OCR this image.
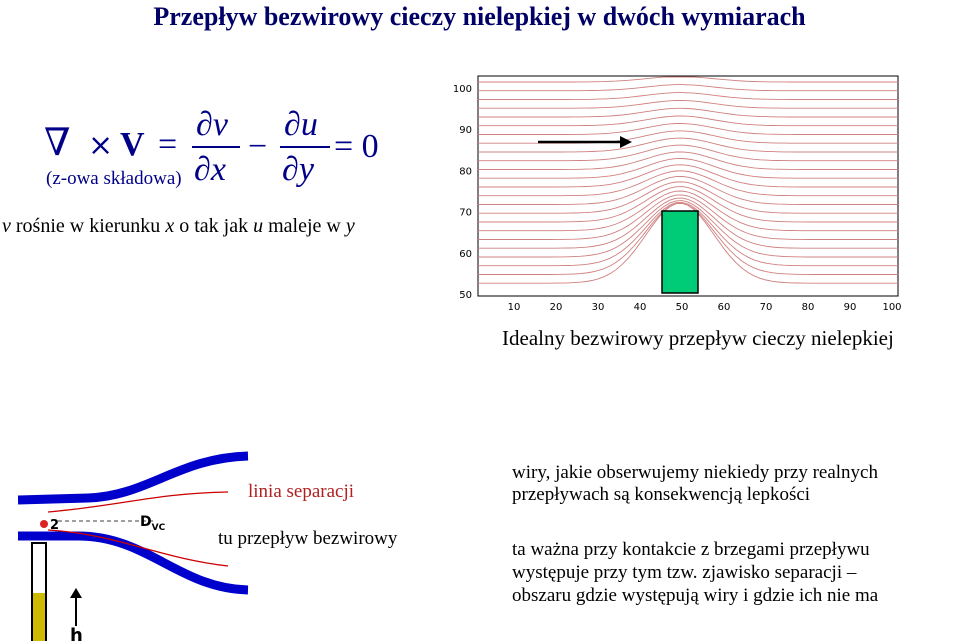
Przepływ bezwirowy cieczy nielepkiej w dwóch wymiarach
∇ × V =
∂v
∂x
−
∂u
∂y
= 0
(z-owa składowa)
v rośnie w kierunku x o tak jak u maleje w y
100
90
80
70
60
50
10	20	30	40	50	60	70	80	90	100
Idealny bezwirowy przepływ cieczy nielepkiej
2	$D_{VC}$
h
linia separacji
tu przepływ bezwirowy
wiry, jakie obserwujemy niekiedy przy realnych
przepływach są konsekwencją lepkości
ta ważna przy kontakcie z brzegami przepływu
występuje przy tym tzw. zjawisko separacji –
obszaru gdzie występują wiry i gdzie ich nie ma
